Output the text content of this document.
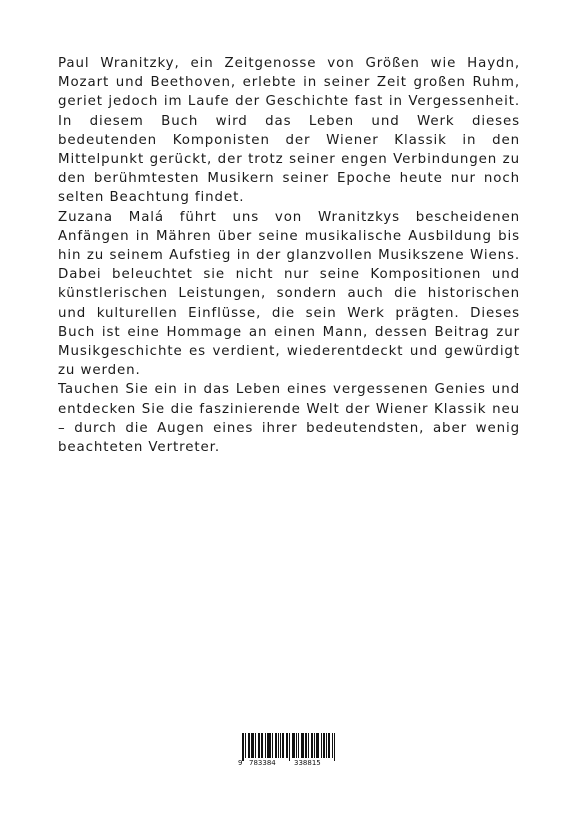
Paul Wranitzky, ein Zeitgenosse von Größen wie Haydn, Mozart und Beethoven, erlebte in seiner Zeit großen Ruhm, geriet jedoch im Laufe der Geschichte fast in Vergessenheit. In diesem Buch wird das Leben und Werk dieses bedeutenden Komponisten der Wiener Klassik in den Mittelpunkt gerückt, der trotz seiner engen Verbindungen zu den berühmtesten Musikern seiner Epoche heute nur noch selten Beachtung findet.

Zuzana Malá führt uns von Wranitzkys bescheidenen Anfängen in Mähren über seine musikalische Ausbildung bis hin zu seinem Aufstieg in der glanzvollen Musikszene Wiens. Dabei beleuchtet sie nicht nur seine Kompositionen und künstlerischen Leistungen, sondern auch die historischen und kulturellen Einflüsse, die sein Werk prägten. Dieses Buch ist eine Hommage an einen Mann, dessen Beitrag zur Musikgeschichte es verdient, wiederentdeckt und gewürdigt zu werden.

Tauchen Sie ein in das Leben eines vergessenen Genies und entdecken Sie die faszinierende Welt der Wiener Klassik neu – durch die Augen eines ihrer bedeutendsten, aber wenig beachteten Vertreter.

9 783384	338815
